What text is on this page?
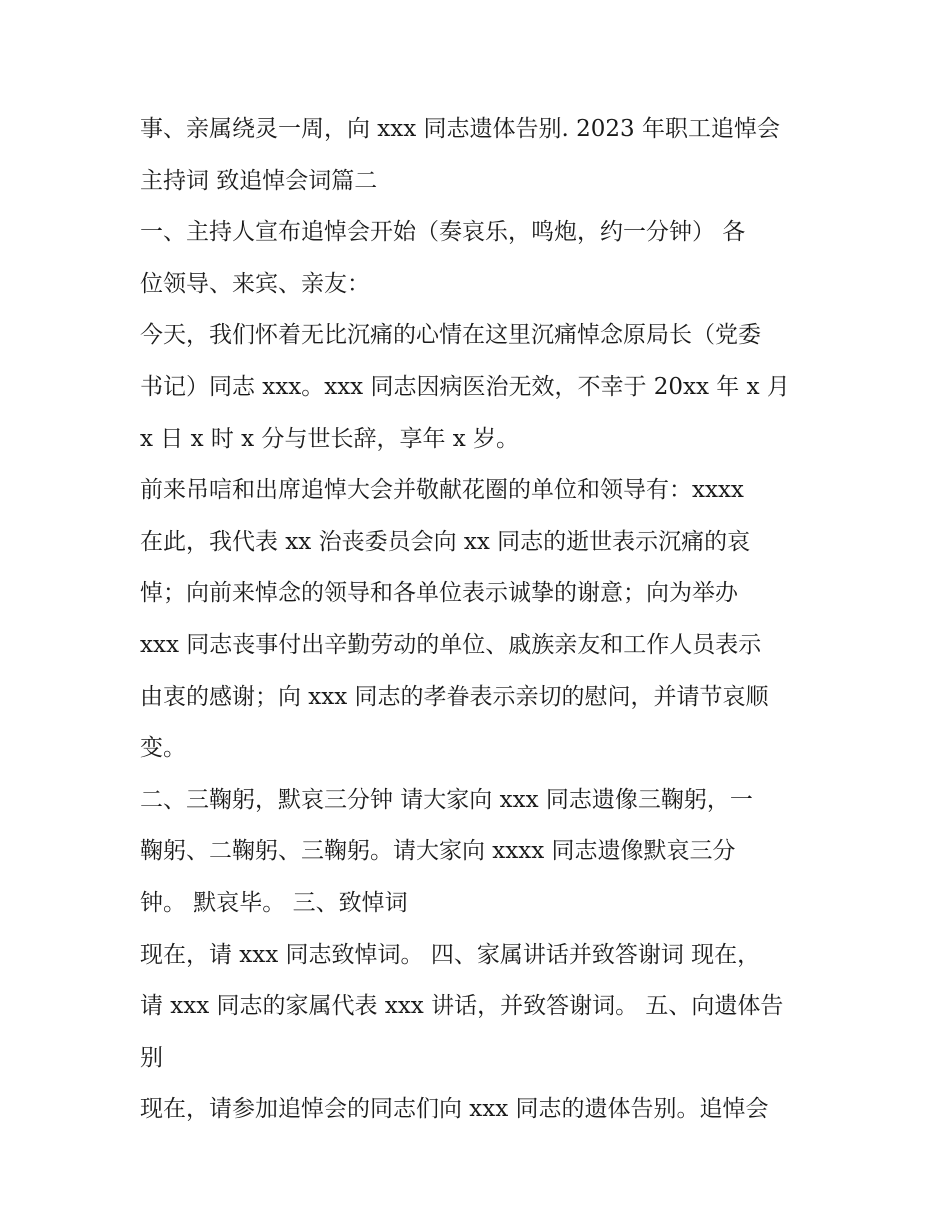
事、亲属绕灵一周，向 xxx 同志遗体告别. 2023 年职工追悼会
主持词 致追悼会词篇二
一、主持人宣布追悼会开始（奏哀乐，鸣炮，约一分钟） 各
位领导、来宾、亲友：
今天，我们怀着无比沉痛的心情在这里沉痛悼念原局长（党委
书记）同志 xxx。xxx 同志因病医治无效，不幸于 20xx 年 x 月
x 日 x 时 x 分与世长辞，享年 x 岁。
前来吊唁和出席追悼大会并敬献花圈的单位和领导有：xxxx
在此，我代表 xx 治丧委员会向 xx 同志的逝世表示沉痛的哀
悼；向前来悼念的领导和各单位表示诚挚的谢意；向为举办
xxx 同志丧事付出辛勤劳动的单位、戚族亲友和工作人员表示
由衷的感谢；向 xxx 同志的孝眷表示亲切的慰问，并请节哀顺
变。
二、三鞠躬，默哀三分钟 请大家向 xxx 同志遗像三鞠躬，一
鞠躬、二鞠躬、三鞠躬。请大家向 xxxx 同志遗像默哀三分
钟。 默哀毕。 三、致悼词
现在，请 xxx 同志致悼词。 四、家属讲话并致答谢词 现在，
请 xxx 同志的家属代表 xxx 讲话，并致答谢词。 五、向遗体告
别
现在，请参加追悼会的同志们向 xxx 同志的遗体告别。追悼会
